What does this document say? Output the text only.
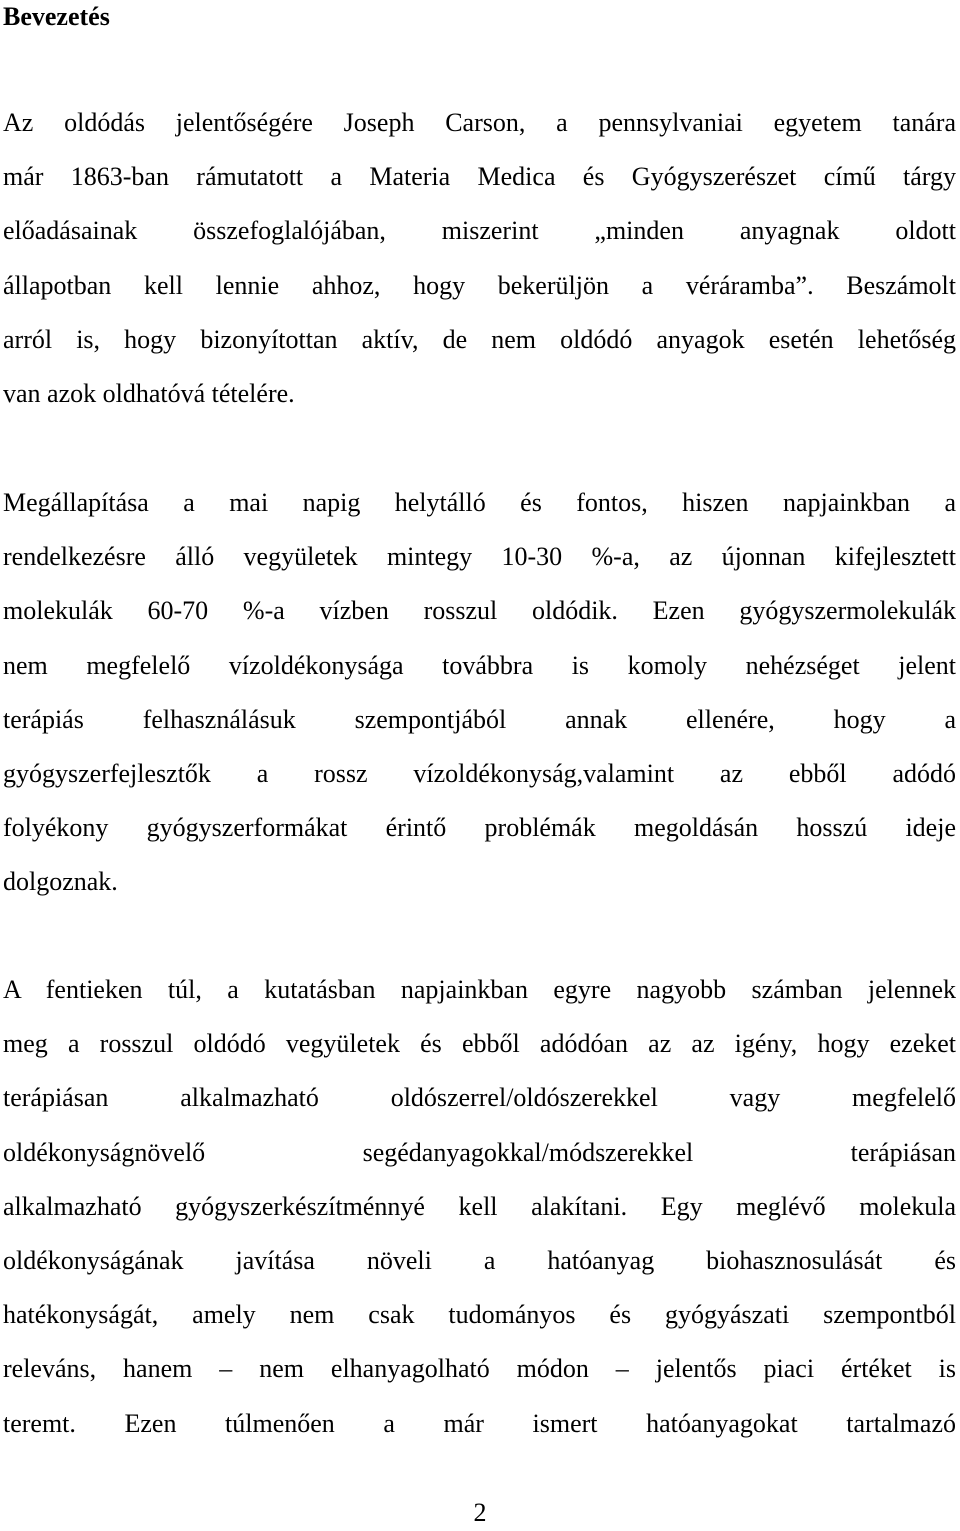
Bevezetés
Az oldódás jelentőségére Joseph Carson, a pennsylvaniai egyetem tanára
már 1863-ban rámutatott a Materia Medica és Gyógyszerészet című tárgy
előadásainak összefoglalójában, miszerint „minden anyagnak oldott
állapotban kell lennie ahhoz, hogy bekerüljön a véráramba”. Beszámolt
arról is, hogy bizonyítottan aktív, de nem oldódó anyagok esetén lehetőség
van azok oldhatóvá tételére.
Megállapítása a mai napig helytálló és fontos, hiszen napjainkban a
rendelkezésre álló vegyületek mintegy 10-30 %-a, az újonnan kifejlesztett
molekulák 60-70 %-a vízben rosszul oldódik. Ezen gyógyszermolekulák
nem megfelelő vízoldékonysága továbbra is komoly nehézséget jelent
terápiás felhasználásuk szempontjából annak ellenére, hogy a
gyógyszerfejlesztők a rossz vízoldékonyság,valamint az ebből adódó
folyékony gyógyszerformákat érintő problémák megoldásán hosszú ideje
dolgoznak.
A fentieken túl, a kutatásban napjainkban egyre nagyobb számban jelennek
meg a rosszul oldódó vegyületek és ebből adódóan az az igény, hogy ezeket
terápiásan alkalmazható oldószerrel/oldószerekkel vagy megfelelő
oldékonyságnövelő segédanyagokkal/módszerekkel terápiásan
alkalmazható gyógyszerkészítménnyé kell alakítani. Egy meglévő molekula
oldékonyságának javítása növeli a hatóanyag biohasznosulását és
hatékonyságát, amely nem csak tudományos és gyógyászati szempontból
releváns, hanem – nem elhanyagolható módon – jelentős piaci értéket is
teremt. Ezen túlmenően a már ismert hatóanyagokat tartalmazó
2
